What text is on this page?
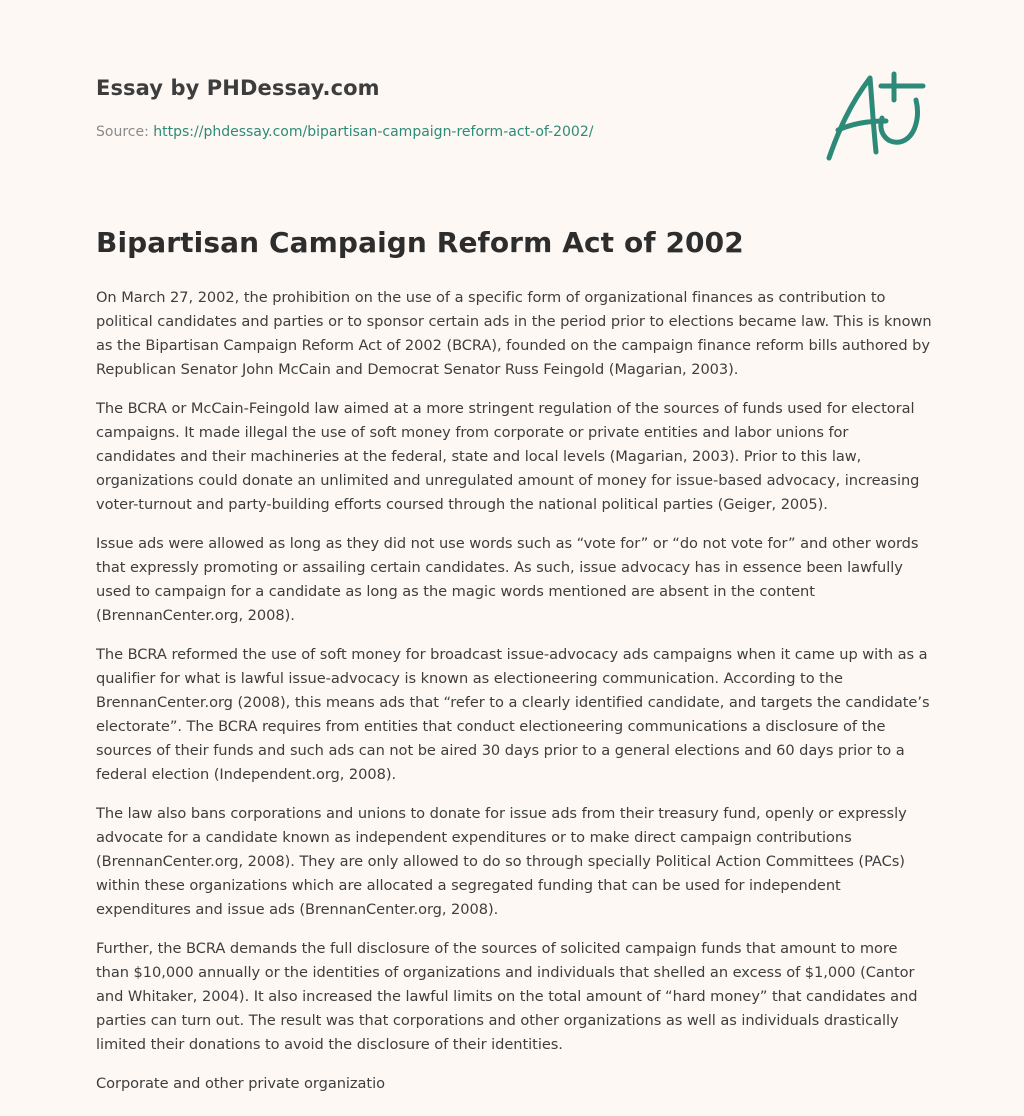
Essay by PHDessay.com

Source: https://phdessay.com/bipartisan-campaign-reform-act-of-2002/

Bipartisan Campaign Reform Act of 2002

On March 27, 2002, the prohibition on the use of a specific form of organizational finances as contribution to political candidates and parties or to sponsor certain ads in the period prior to elections became law. This is known as the Bipartisan Campaign Reform Act of 2002 (BCRA), founded on the campaign finance reform bills authored by Republican Senator John McCain and Democrat Senator Russ Feingold (Magarian, 2003).

The BCRA or McCain-Feingold law aimed at a more stringent regulation of the sources of funds used for electoral campaigns. It made illegal the use of soft money from corporate or private entities and labor unions for candidates and their machineries at the federal, state and local levels (Magarian, 2003). Prior to this law, organizations could donate an unlimited and unregulated amount of money for issue-based advocacy, increasing voter-turnout and party-building efforts coursed through the national political parties (Geiger, 2005).

Issue ads were allowed as long as they did not use words such as “vote for” or “do not vote for” and other words that expressly promoting or assailing certain candidates. As such, issue advocacy has in essence been lawfully used to campaign for a candidate as long as the magic words mentioned are absent in the content (BrennanCenter.org, 2008).

The BCRA reformed the use of soft money for broadcast issue-advocacy ads campaigns when it came up with as a qualifier for what is lawful issue-advocacy is known as electioneering communication. According to the BrennanCenter.org (2008), this means ads that “refer to a clearly identified candidate, and targets the candidate’s electorate”. The BCRA requires from entities that conduct electioneering communications a disclosure of the sources of their funds and such ads can not be aired 30 days prior to a general elections and 60 days prior to a federal election (Independent.org, 2008).

The law also bans corporations and unions to donate for issue ads from their treasury fund, openly or expressly advocate for a candidate known as independent expenditures or to make direct campaign contributions (BrennanCenter.org, 2008). They are only allowed to do so through specially Political Action Committees (PACs) within these organizations which are allocated a segregated funding that can be used for independent expenditures and issue ads (BrennanCenter.org, 2008).

Further, the BCRA demands the full disclosure of the sources of solicited campaign funds that amount to more than $10,000 annually or the identities of organizations and individuals that shelled an excess of $1,000 (Cantor and Whitaker, 2004). It also increased the lawful limits on the total amount of “hard money” that candidates and parties can turn out. The result was that corporations and other organizations as well as individuals drastically limited their donations to avoid the disclosure of their identities.

Corporate and other private organizatio
